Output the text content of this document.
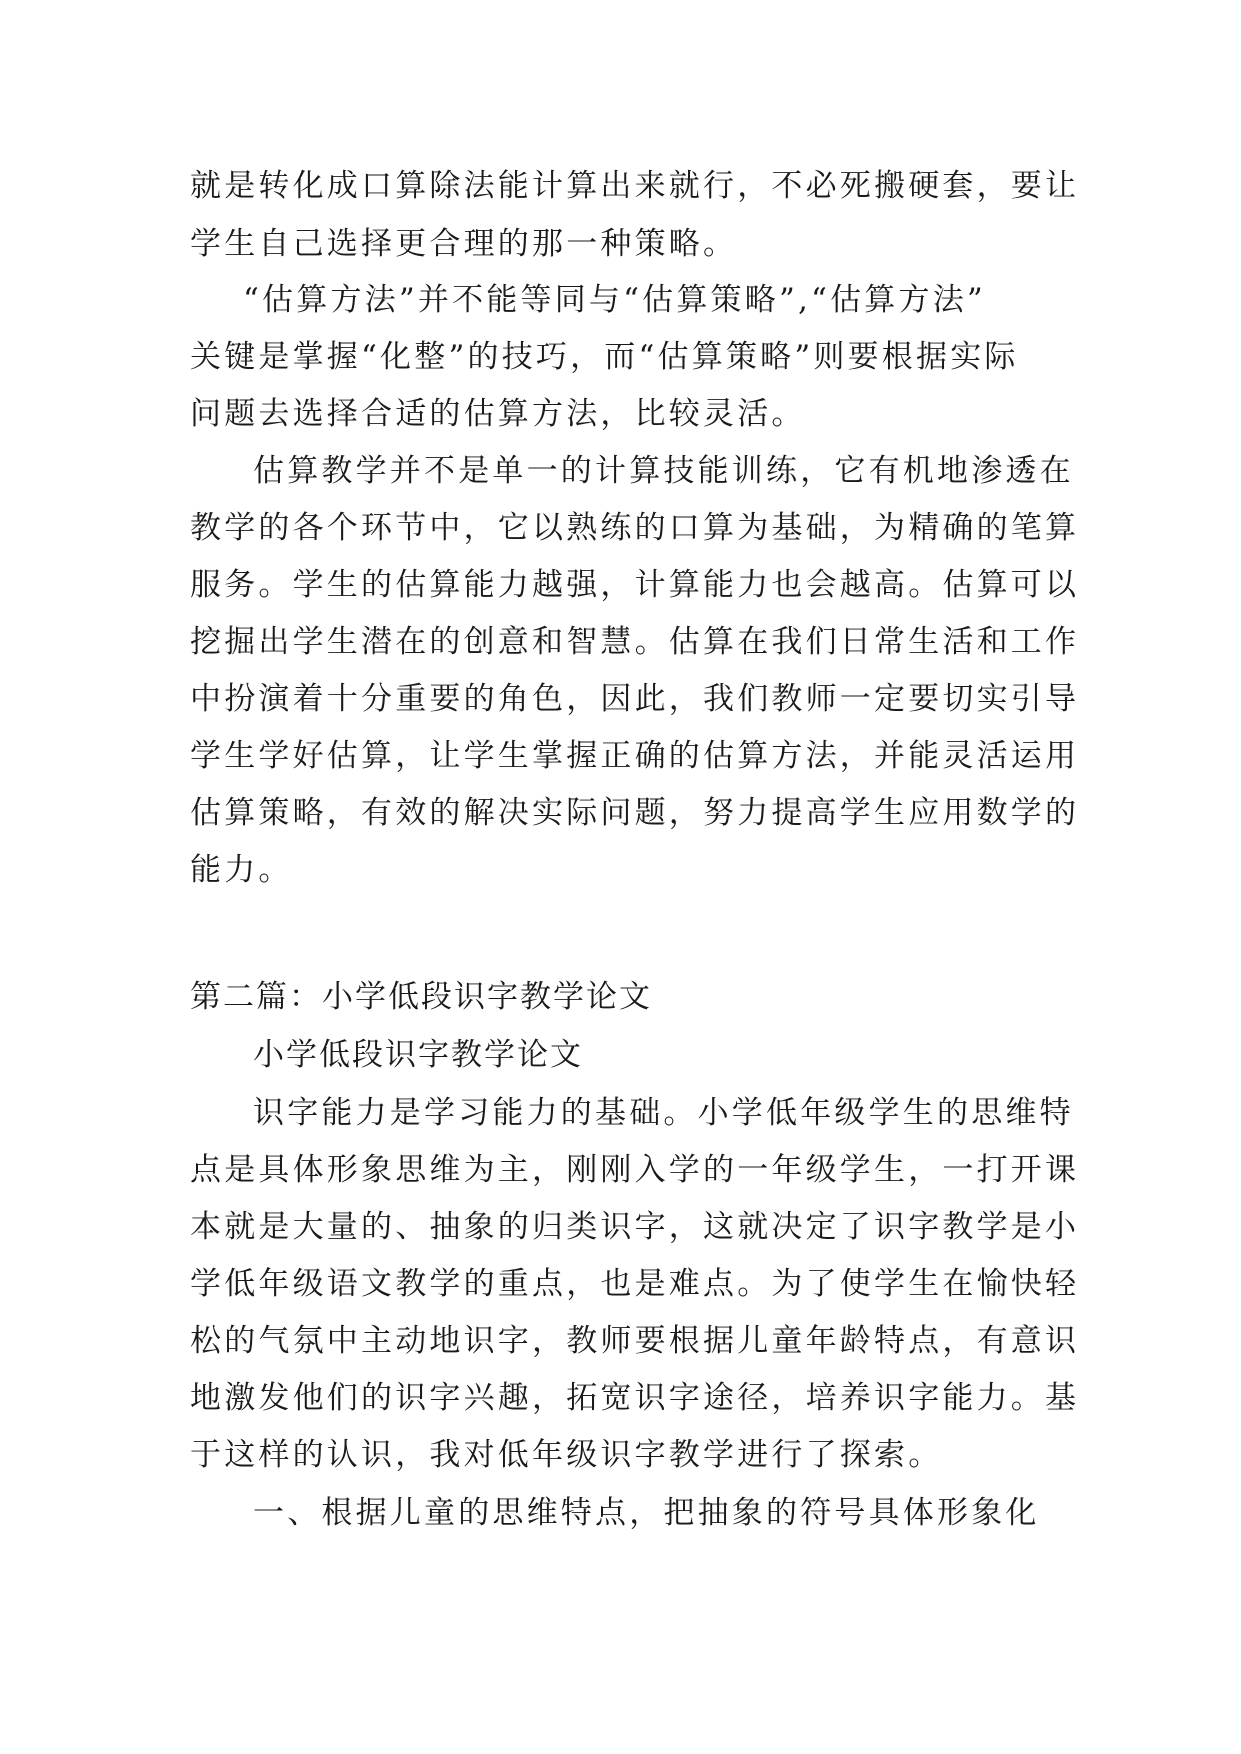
就是转化成口算除法能计算出来就行，不必死搬硬套，要让
学生自己选择更合理的那一种策略。
“估算方法”并不能等同与“估算策略”,“估算方法”
关键是掌握“化整”的技巧，而“估算策略”则要根据实际
问题去选择合适的估算方法，比较灵活。
估算教学并不是单一的计算技能训练，它有机地渗透在
教学的各个环节中，它以熟练的口算为基础，为精确的笔算
服务。学生的估算能力越强，计算能力也会越高。估算可以
挖掘出学生潜在的创意和智慧。估算在我们日常生活和工作
中扮演着十分重要的角色，因此，我们教师一定要切实引导
学生学好估算，让学生掌握正确的估算方法，并能灵活运用
估算策略，有效的解决实际问题，努力提高学生应用数学的
能力。
第二篇：小学低段识字教学论文
小学低段识字教学论文
识字能力是学习能力的基础。小学低年级学生的思维特
点是具体形象思维为主，刚刚入学的一年级学生，一打开课
本就是大量的、抽象的归类识字，这就决定了识字教学是小
学低年级语文教学的重点，也是难点。为了使学生在愉快轻
松的气氛中主动地识字，教师要根据儿童年龄特点，有意识
地激发他们的识字兴趣，拓宽识字途径，培养识字能力。基
于这样的认识，我对低年级识字教学进行了探索。
一、根据儿童的思维特点，把抽象的符号具体形象化
